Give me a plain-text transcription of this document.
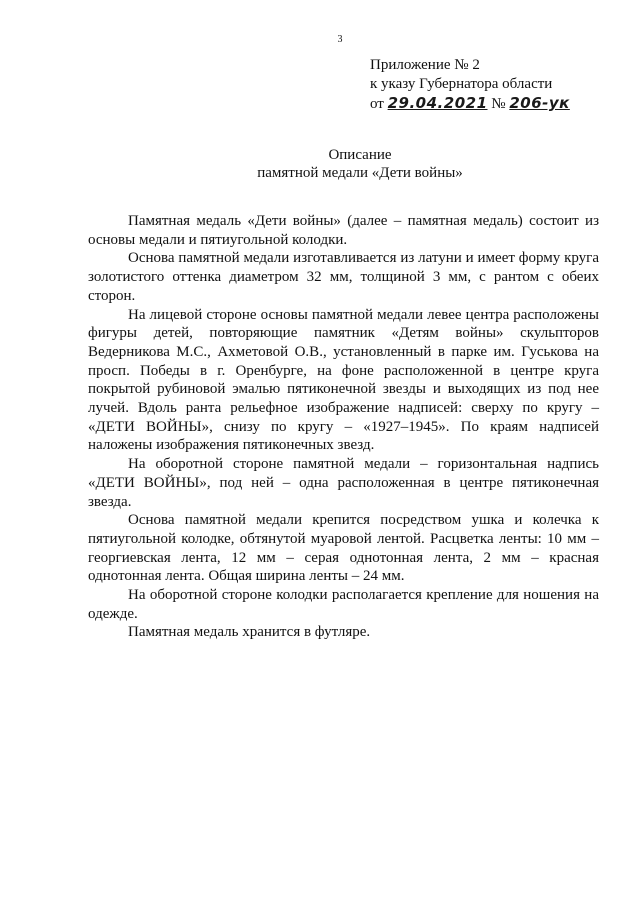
3
Приложение № 2
к указу Губернатора области
от 29.04.2021 № 206-ук
Описание
памятной медали «Дети войны»

Памятная медаль «Дети войны» (далее – памятная медаль) состоит из основы медали и пятиугольной колодки.

Основа памятной медали изготавливается из латуни и имеет форму круга золотистого оттенка диаметром 32 мм, толщиной 3 мм, с рантом с обеих сторон.

На лицевой стороне основы памятной медали левее центра расположены фигуры детей, повторяющие памятник «Детям войны» скульпторов Ведерникова М.С., Ахметовой О.В., установленный в парке им. Гуськова на просп. Победы в г. Оренбурге, на фоне расположенной в центре круга покрытой рубиновой эмалью пятиконечной звезды и выходящих из под нее лучей. Вдоль ранта рельефное изображение надписей: сверху по кругу – «ДЕТИ ВОЙНЫ», снизу по кругу – «1927–1945». По краям надписей наложены изображения пятиконечных звезд.

На оборотной стороне памятной медали – горизонтальная надпись «ДЕТИ ВОЙНЫ», под ней – одна расположенная в центре пятиконечная звезда.

Основа памятной медали крепится посредством ушка и колечка к пятиугольной колодке, обтянутой муаровой лентой. Расцветка ленты: 10 мм – георгиевская лента, 12 мм – серая однотонная лента, 2 мм – красная однотонная лента. Общая ширина ленты – 24 мм.

На оборотной стороне колодки располагается крепление для ношения на одежде.

Памятная медаль хранится в футляре.
